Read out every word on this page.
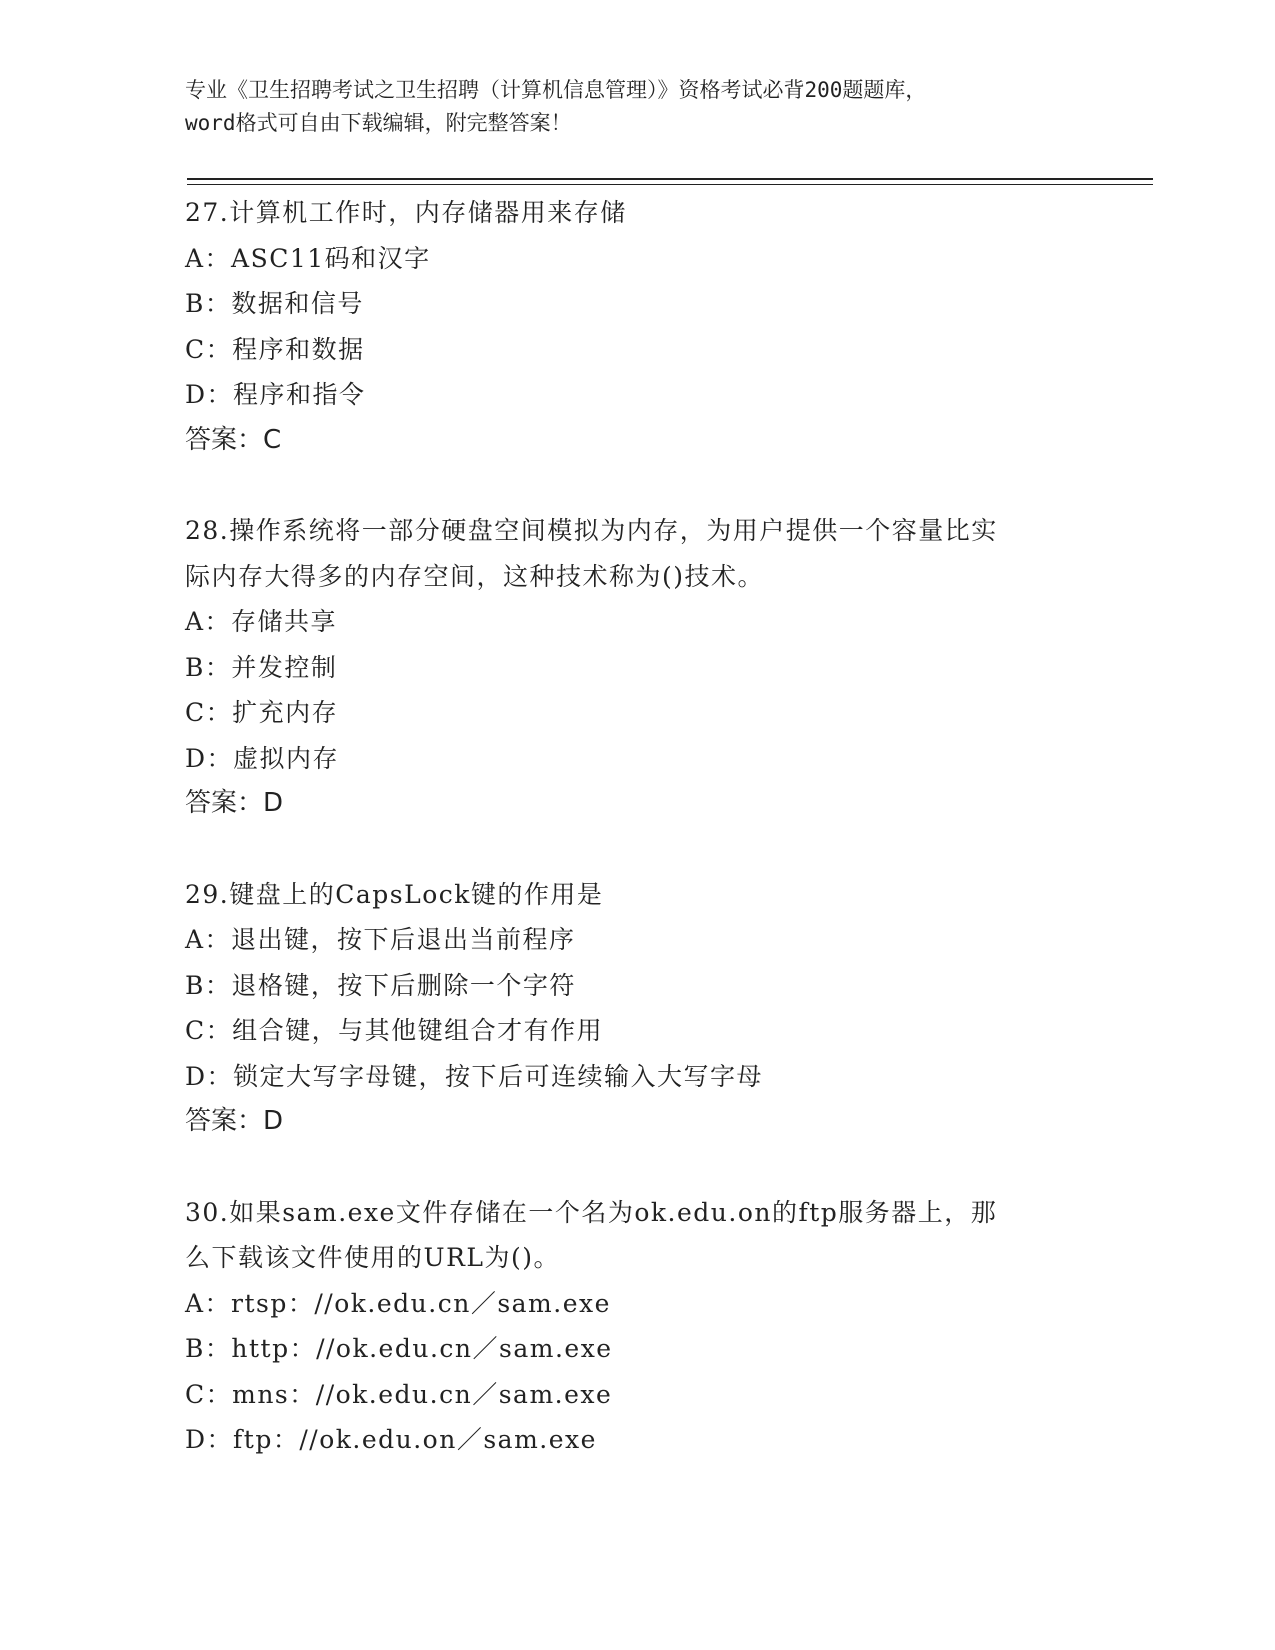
专业《卫生招聘考试之卫生招聘（计算机信息管理）》资格考试必背200题题库，
word格式可自由下载编辑，附完整答案！
27.计算机工作时，内存储器用来存储
A：ASC11码和汉字
B：数据和信号
C：程序和数据
D：程序和指令
答案：C
28.操作系统将一部分硬盘空间模拟为内存，为用户提供一个容量比实
际内存大得多的内存空间，这种技术称为()技术。
A：存储共享
B：并发控制
C：扩充内存
D：虚拟内存
答案：D
29.键盘上的CapsLock键的作用是
A：退出键，按下后退出当前程序
B：退格键，按下后删除一个字符
C：组合键，与其他键组合才有作用
D：锁定大写字母键，按下后可连续输入大写字母
答案：D
30.如果sam.exe文件存储在一个名为ok.edu.on的ftp服务器上，那
么下载该文件使用的URL为()。
A：rtsp：//ok.edu.cn／sam.exe
B：http：//ok.edu.cn／sam.exe
C：mns：//ok.edu.cn／sam.exe
D：ftp：//ok.edu.on／sam.exe
